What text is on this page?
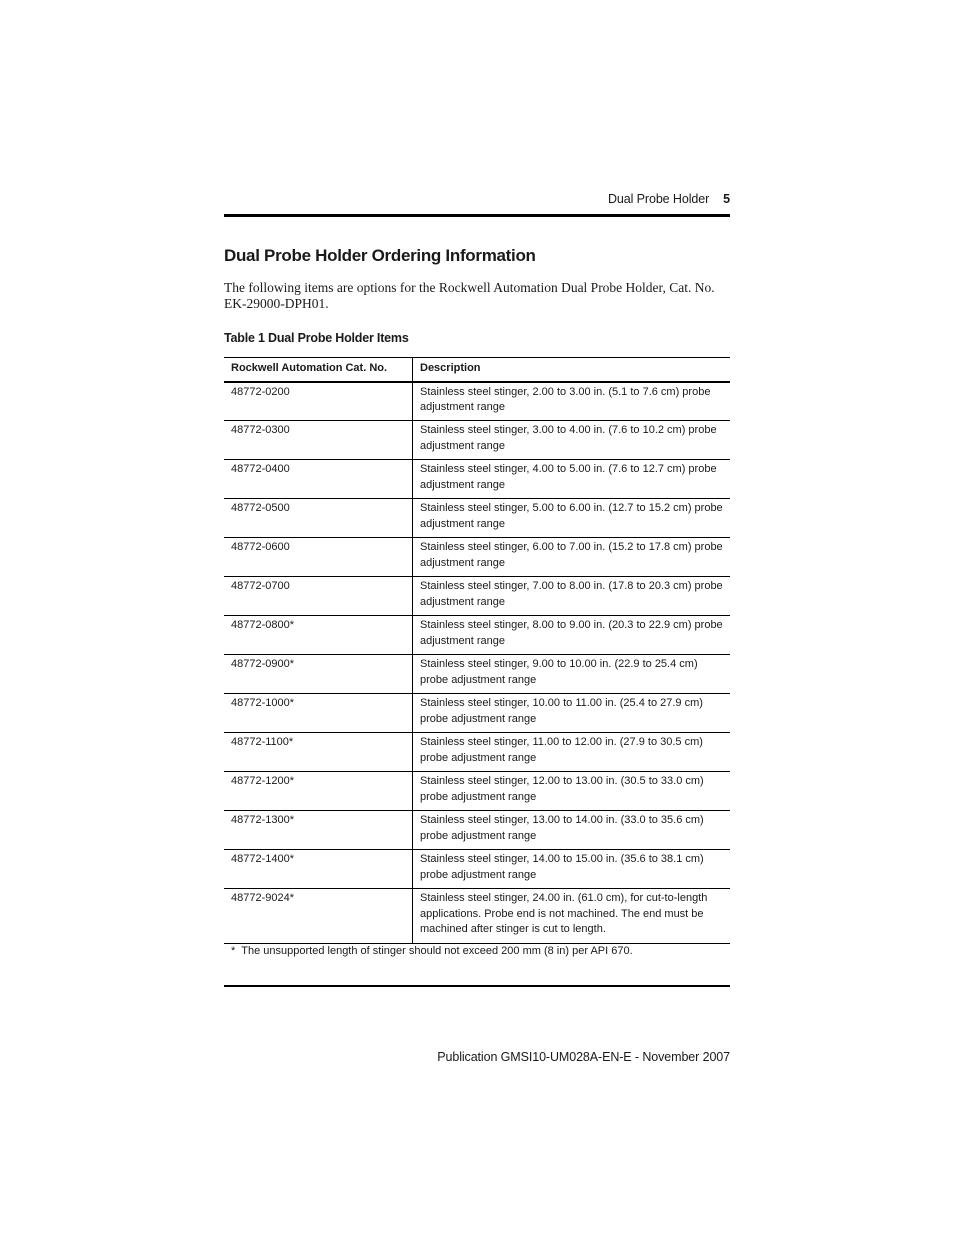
Dual Probe Holder 5
Dual Probe Holder Ordering Information

The following items are options for the Rockwell Automation Dual Probe Holder, Cat. No. EK-29000-DPH01.

Table 1 Dual Probe Holder Items

Rockwell Automation Cat. No.	Description
48772-0200	Stainless steel stinger, 2.00 to 3.00 in. (5.1 to 7.6 cm) probe adjustment range
48772-0300	Stainless steel stinger, 3.00 to 4.00 in. (7.6 to 10.2 cm) probe adjustment range
48772-0400	Stainless steel stinger, 4.00 to 5.00 in. (7.6 to 12.7 cm) probe adjustment range
48772-0500	Stainless steel stinger, 5.00 to 6.00 in. (12.7 to 15.2 cm) probe adjustment range
48772-0600	Stainless steel stinger, 6.00 to 7.00 in. (15.2 to 17.8 cm) probe adjustment range
48772-0700	Stainless steel stinger, 7.00 to 8.00 in. (17.8 to 20.3 cm) probe adjustment range
48772-0800*	Stainless steel stinger, 8.00 to 9.00 in. (20.3 to 22.9 cm) probe adjustment range
48772-0900*	Stainless steel stinger, 9.00 to 10.00 in. (22.9 to 25.4 cm) probe adjustment range
48772-1000*	Stainless steel stinger, 10.00 to 11.00 in. (25.4 to 27.9 cm) probe adjustment range
48772-1100*	Stainless steel stinger, 11.00 to 12.00 in. (27.9 to 30.5 cm) probe adjustment range
48772-1200*	Stainless steel stinger, 12.00 to 13.00 in. (30.5 to 33.0 cm) probe adjustment range
48772-1300*	Stainless steel stinger, 13.00 to 14.00 in. (33.0 to 35.6 cm) probe adjustment range
48772-1400*	Stainless steel stinger, 14.00 to 15.00 in. (35.6 to 38.1 cm) probe adjustment range
48772-9024*	Stainless steel stinger, 24.00 in. (61.0 cm), for cut-to-length applications. Probe end is not machined. The end must be machined after stinger is cut to length.

* The unsupported length of stinger should not exceed 200 mm (8 in) per API 670.

Publication GMSI10-UM028A-EN-E - November 2007
